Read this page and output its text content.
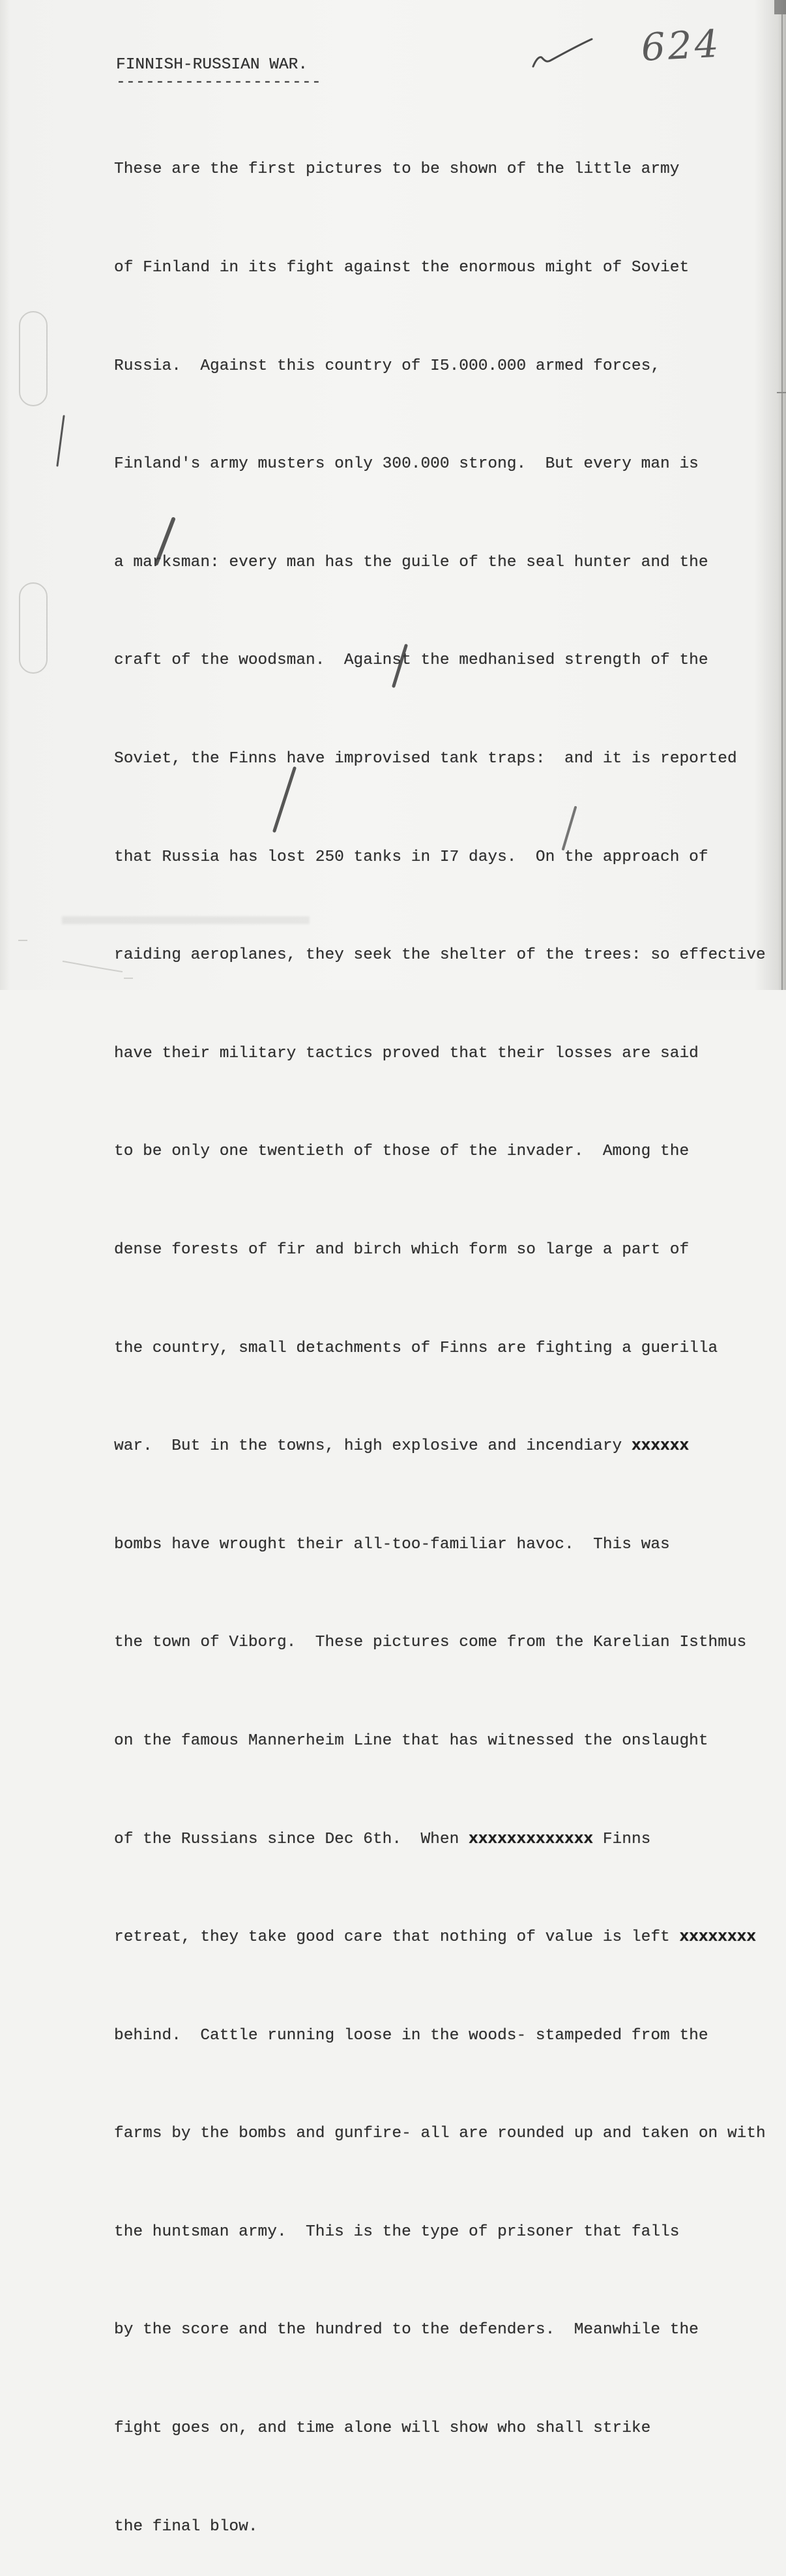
624
FINNISH-RUSSIAN WAR.
---------------------

These are the first pictures to be shown of the little army

of Finland in its fight against the enormous might of Soviet

Russia.  Against this country of I5.000.000 armed forces,

Finland's army musters only 300.000 strong.  But every man is

a marksman: every man has the guile of the seal hunter and the

craft of the woodsman.  Against the medhanised strength of the

Soviet, the Finns have improvised tank traps:  and it is reported

that Russia has lost 250 tanks in I7 days.  On the approach of

raiding aeroplanes, they seek the shelter of the trees: so effective

have their military tactics proved that their losses are said

to be only one twentieth of those of the invader.  Among the

dense forests of fir and birch which form so large a part of

the country, small detachments of Finns are fighting a guerilla

war.  But in the towns, high explosive and incendiary xxxxxx

bombs have wrought their all-too-familiar havoc.  This was

the town of Viborg.  These pictures come from the Karelian Isthmus

on the famous Mannerheim Line that has witnessed the onslaught

of the Russians since Dec 6th.  When xxxxxxxxxxxxx Finns

retreat, they take good care that nothing of value is left xxxxxxxx

behind.  Cattle running loose in the woods- stampeded from the

farms by the bombs and gunfire- all are rounded up and taken on with

the huntsman army.  This is the type of prisoner that falls

by the score and the hundred to the defenders.  Meanwhile the

fight goes on, and time alone will show who shall strike

the final blow.
